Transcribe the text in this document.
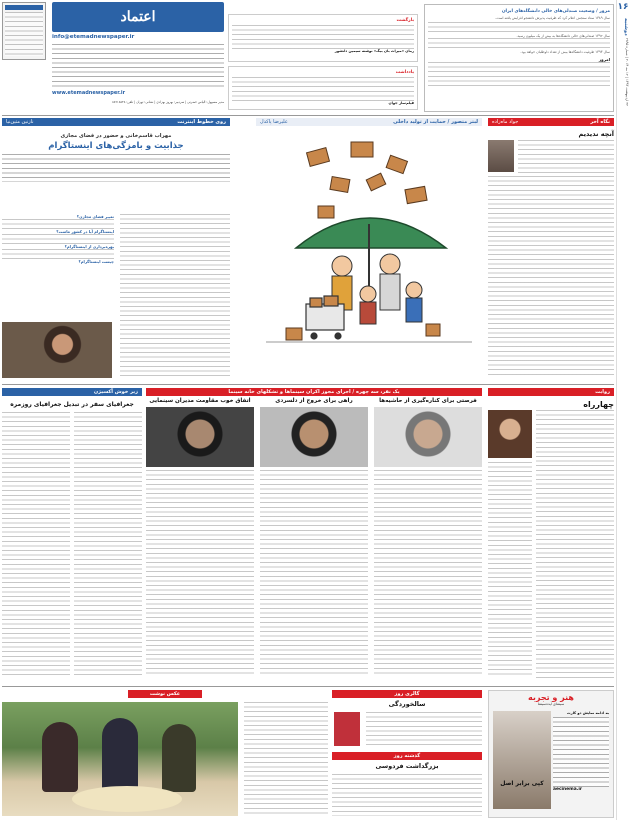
۱۶
دوشنبه
۲۲ اردیبهشت ۱۳۹۳ | ۱۲ مه ۲۰۱۴ | شماره ۲۸۹۵
مرور / وضعیت صندلی‌های خالی دانشگاه‌های ایران
سال ۱۳۸۹ ستاد سنجش اعلام کرد که ظرفیت پذیرش دانشجو افزایش یافته است.
سال ۱۳۹۲ صندلی‌های خالی دانشگاه‌ها به بیش از یک میلیون رسید.
سال ۱۳۹۳ ظرفیت دانشگاه‌ها بیش از تعداد داوطلبان خواهد بود.
امروز
بازگشت
رمان «میراث بان بیگ» نوشته سیمین دانشور
یادداشت
فیلم‌ساز جوان
اعتماد
info@etemadnewspaper.ir
www.etemadnewspaper.ir
مدیر مسوول: الیاس حضرتی | سردبیر: بهروز بهزادی | نشانی: تهران | تلفن: ۸۸۹۱۸۵۴۸
نگاه آخر
جواد ماه‌زاده
آنچه ندیدیم
لبتر متصور / حمایت از تولید داخلی
علیرضا پاکدل
روی خطوط اینترنت
نازنین متین‌نیا
مهراب قاسم‌خانی و حضور در فضای مجازی
جذابیت و بامزگی‌های اینستاگرام
تغییر فضای مجازی؟
اینستاگرام آیا در کشور ماست؟
بهره‌برداری از اینستاگرام؟
چیست اینستاگرام؟
روایت
چهارراه
یک نفر، سه چهره / اجرای مجوز اکران سینماها و تشکلهای خانه سینما
فرصتی برای کناره‌گیری از حاشیه‌ها
راهی برای خروج از دلسردی
اتفاق خوب مقاومت مدیران سینمایی
زیر خوش آکسیژن
جغرافیای سفر در تبدیل جغرافیای روزمره
هنر و تجربه
سینمای آیده‌سینما
کپی برابر اصل
به ادامه نمایش دو کارت
aecinema.ir
گالری روز
سالخوردگی
گذشته روز
بزرگداشت فردوسی
عکس نوشت
